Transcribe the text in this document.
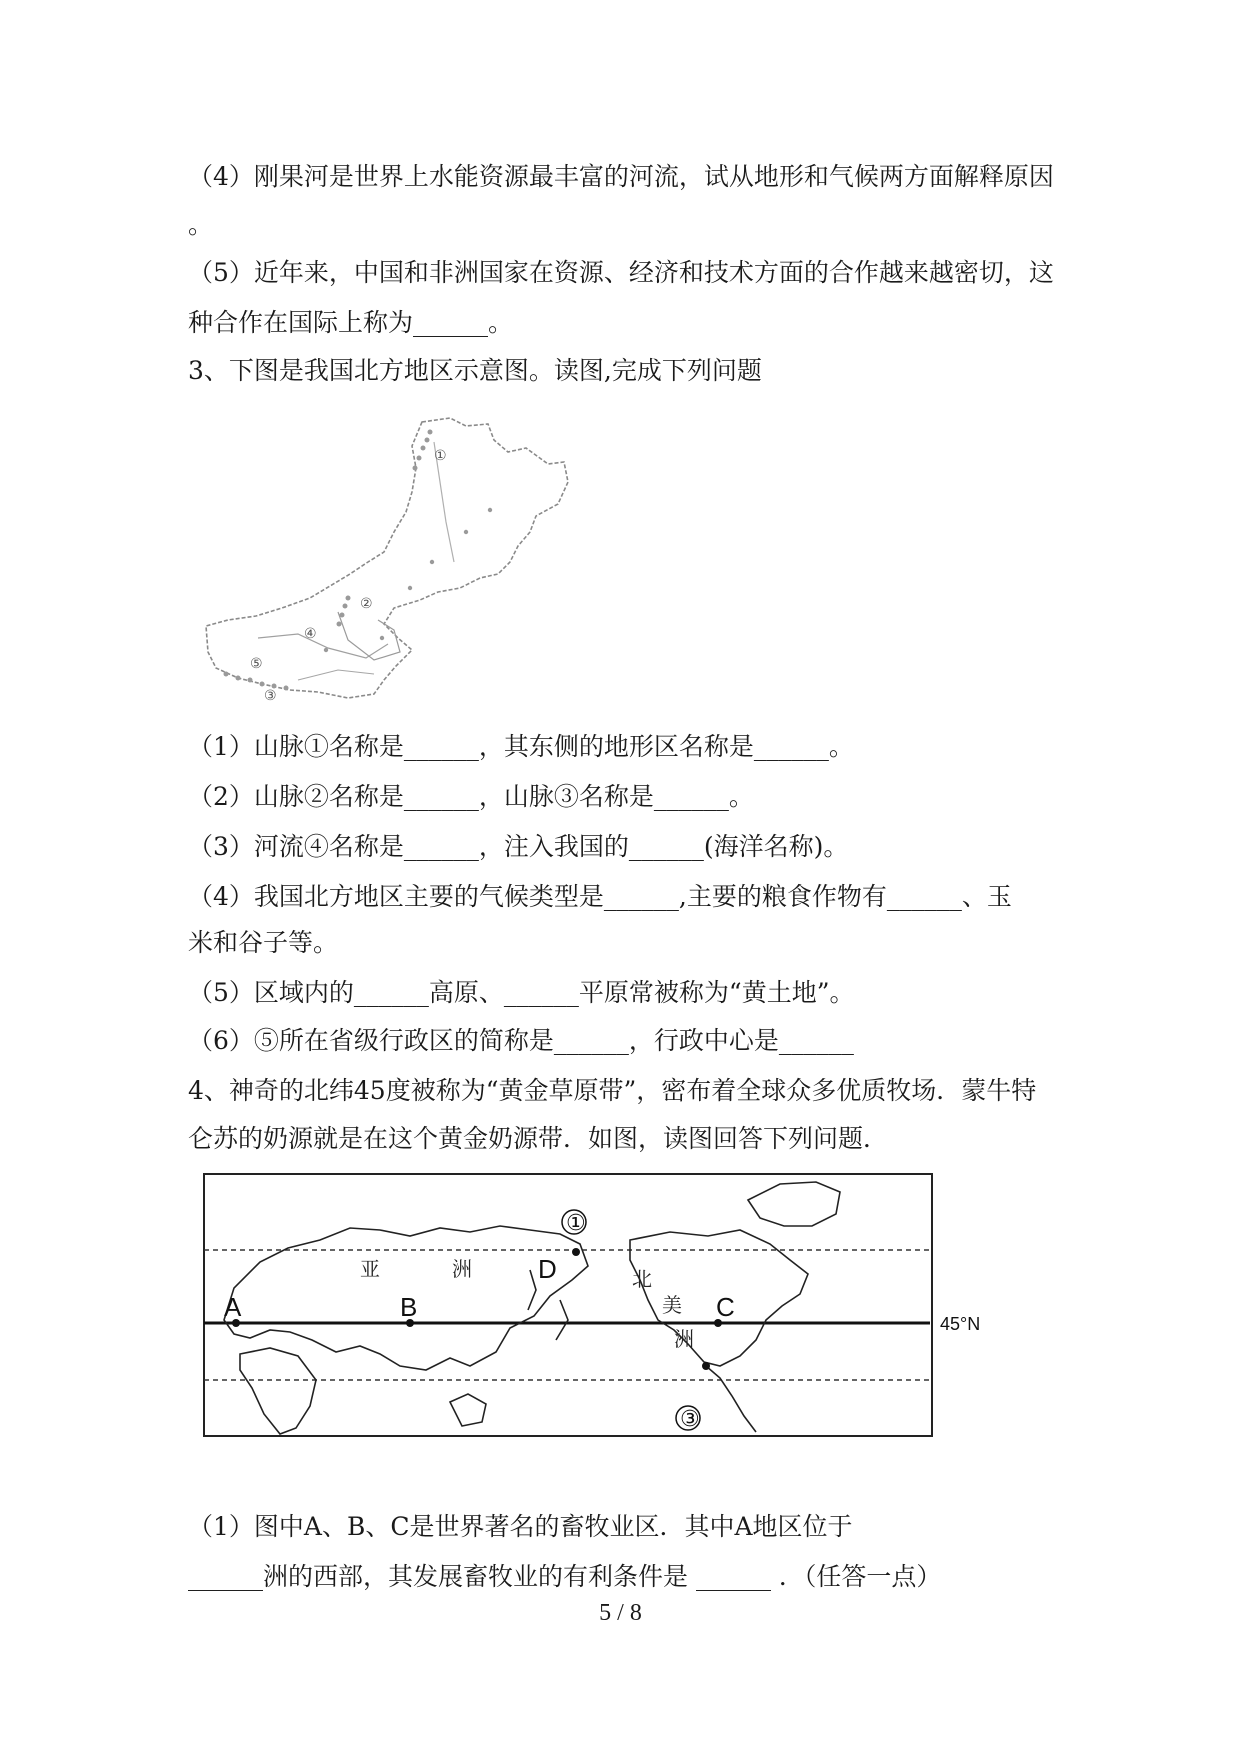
（4）刚果河是世界上水能资源最丰富的河流，试从地形和气候两方面解释原因
。
（5）近年来，中国和非洲国家在资源、经济和技术方面的合作越来越密切，这
种合作在国际上称为______。
3、下图是我国北方地区示意图。读图,完成下列问题
①
②
③
④
⑤
（1）山脉①名称是______，其东侧的地形区名称是______。
（2）山脉②名称是______，山脉③名称是______。
（3）河流④名称是______，注入我国的______(海洋名称)。
（4）我国北方地区主要的气候类型是______,主要的粮食作物有______、玉
米和谷子等。
（5）区域内的______高原、______平原常被称为“黄土地”。
（6）⑤所在省级行政区的简称是______，行政中心是______
4、神奇的北纬45度被称为“黄金草原带”，密布着全球众多优质牧场．蒙牛特
仑苏的奶源就是在这个黄金奶源带．如图，读图回答下列问题．
45°N
A	B	C
D
①
③
亚	洲	北
美
洲
（1）图中A、B、C是世界著名的畜牧业区．其中A地区位于
______洲的西部，其发展畜牧业的有利条件是 ______ ．（任答一点）
5 / 8
